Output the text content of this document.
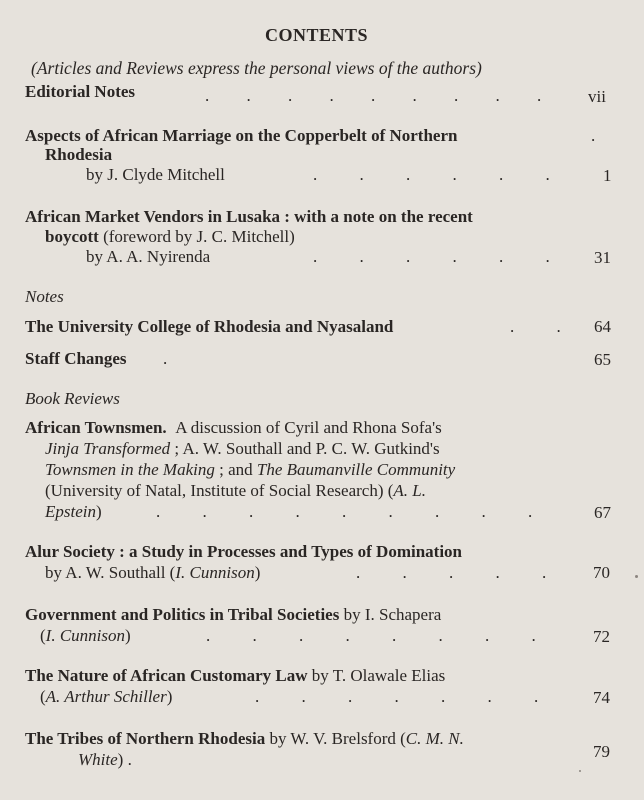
CONTENTS
(Articles and Reviews express the personal views of the authors)
Editorial Notes	. . . . . . . . .	vii
Aspects of African Marriage on the Copperbelt of Northern	.
Rhodesia
by J. Clyde Mitchell	. . . . . .	1
African Market Vendors in Lusaka : with a note on the recent
boycott (foreword by J. C. Mitchell)
by A. A. Nyirenda	. . . . . .	31
Notes
The University College of Rhodesia and Nyasaland	. . 64
Staff Changes .	65
Book Reviews
African Townsmen. A discussion of Cyril and Rhona Sofa's
Jinja Transformed ; A. W. Southall and P. C. W. Gutkind's
Townsmen in the Making ; and The Baumanville Community
(University of Natal, Institute of Social Research) (A. L.
Epstein)	. . . . . . . . .	67
Alur Society : a Study in Processes and Types of Domination
by A. W. Southall (I. Cunnison)	. . . . .	70
Government and Politics in Tribal Societies by I. Schapera
(I. Cunnison)	. . . . . . . .	72
The Nature of African Customary Law by T. Olawale Elias
(A. Arthur Schiller)	. . . . . . .	74
The Tribes of Northern Rhodesia by W. V. Brelsford (C. M. N.
White) .	79
